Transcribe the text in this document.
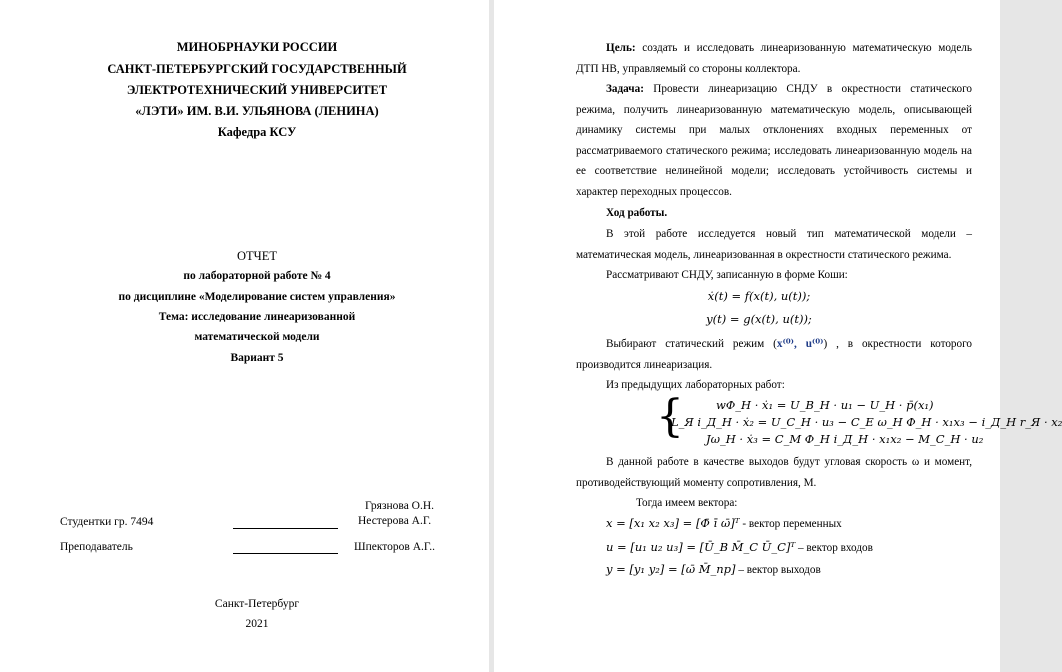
МИНОБРНАУКИ РОССИИ
САНКТ-ПЕТЕРБУРГСКИЙ ГОСУДАРСТВЕННЫЙ
ЭЛЕКТРОТЕХНИЧЕСКИЙ УНИВЕРСИТЕТ
«ЛЭТИ» ИМ. В.И. УЛЬЯНОВА (ЛЕНИНА)
Кафедра КСУ
ОТЧЕТ
по лабораторной работе № 4
по дисциплине «Моделирование систем управления»
Тема: исследование линеаризованной
математической модели
Вариант 5
Грязнова О.Н.
Студентки гр. 7494	Нестерова А.Г.
Преподаватель	Шпекторов А.Г..
Санкт-Петербург
2021
Цель: создать и исследовать линеаризованную математическую модель ДТП НВ, управляемый со стороны коллектора.
Задача: Провести линеаризацию СНДУ в окрестности статического режима, получить линеаризованную математическую модель, описывающей динамику системы при малых отклонениях входных переменных от рассматриваемого статического режима; исследовать линеаризованную модель на ее соответствие нелинейной модели; исследовать устойчивость системы и характер переходных процессов.
Ход работы.
В этой работе исследуется новый тип математической модели – математическая модель, линеаризованная в окрестности статического режима.
Рассматривают СНДУ, записанную в форме Коши:
ẋ(t) = f(x(t), u(t));
y(t) = g(x(t), u(t));
Выбирают статический режим (x⁽⁰⁾, u⁽⁰⁾) , в окрестности которого производится линеаризация.
Из предыдущих лабораторных работ:
{	wΦ_H · ẋ₁ = U_B_H · u₁ − U_H · p̄(x₁)
L_Я i_Д_Н · ẋ₂ = U_C_H · u₃ − C_E ω_H Φ_H · x₁x₃ − i_Д_Н r_Я · x₂
Jω_H · ẋ₃ = C_M Φ_H i_Д_Н · x₁x₂ − M_C_H · u₂
В данной работе в качестве выходов будут угловая скорость ω и момент, противодействующий моменту сопротивления, М.
Тогда имеем вектора:
x = [x₁ x₂ x₃] = [Φ̄ ī ω̄]ᵀ - вектор переменных
u = [u₁ u₂ u₃] = [Ū_B M̄_C Ū_C]ᵀ – вектор входов
y = [y₁ y₂] = [ω̄ M̄_пр] – вектор выходов
